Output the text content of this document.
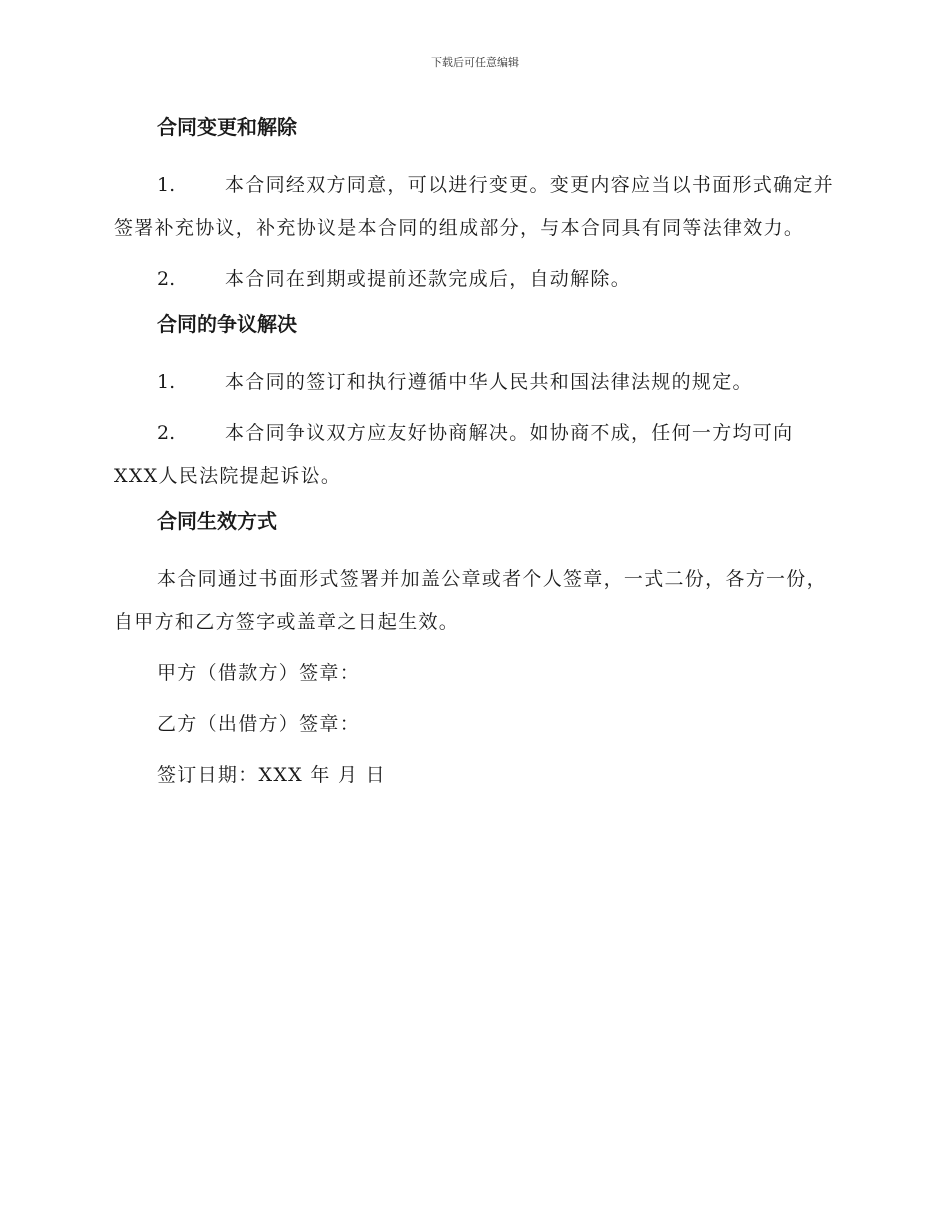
下载后可任意编辑
合同变更和解除

1.	本合同经双方同意，可以进行变更。变更内容应当以书面形式确定并签署补充协议，补充协议是本合同的组成部分，与本合同具有同等法律效力。

2.	本合同在到期或提前还款完成后，自动解除。

合同的争议解决

1.	本合同的签订和执行遵循中华人民共和国法律法规的规定。

2.	本合同争议双方应友好协商解决。如协商不成，任何一方均可向XXX人民法院提起诉讼。

合同生效方式

本合同通过书面形式签署并加盖公章或者个人签章，一式二份，各方一份，自甲方和乙方签字或盖章之日起生效。

甲方（借款方）签章：

乙方（出借方）签章：

签订日期：XXX 年 月 日
